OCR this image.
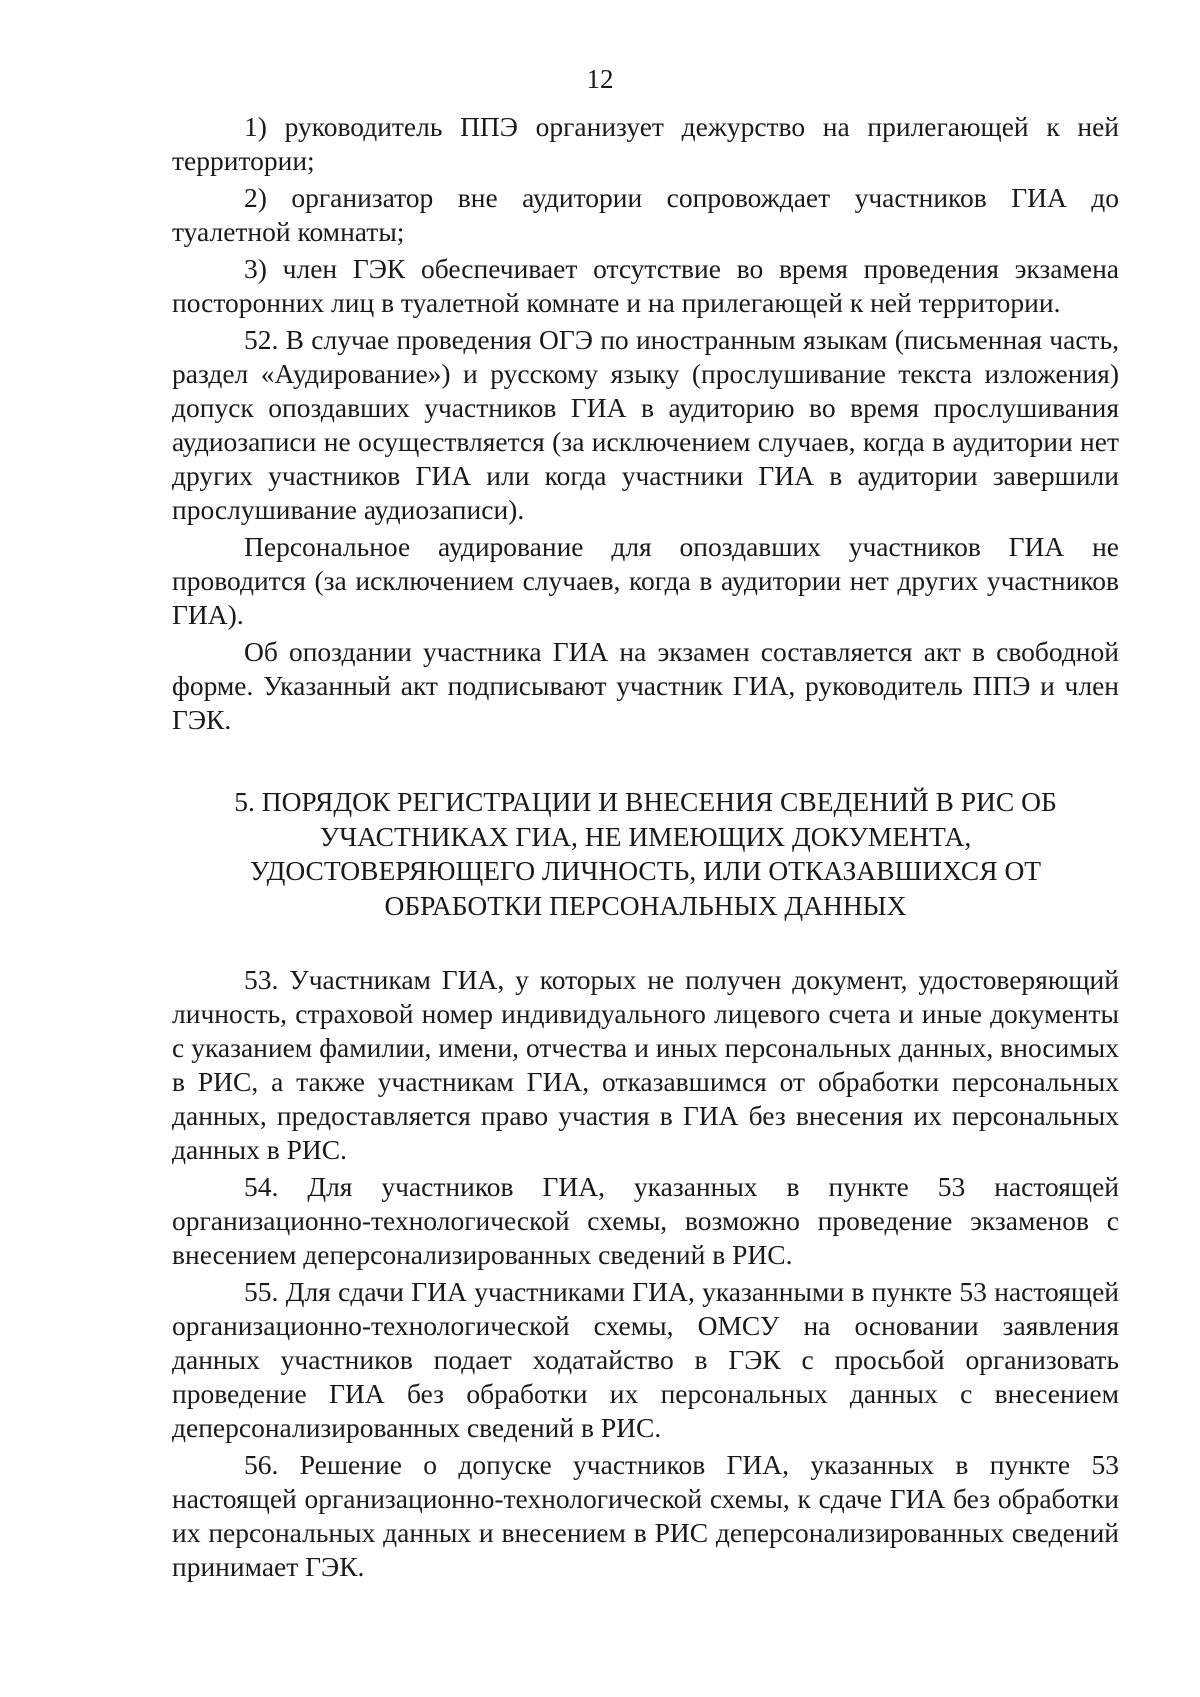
12

1) руководитель ППЭ организует дежурство на прилегающей к ней территории;

2) организатор вне аудитории сопровождает участников ГИА до туалетной комнаты;

3) член ГЭК обеспечивает отсутствие во время проведения экзамена посторонних лиц в туалетной комнате и на прилегающей к ней территории.

52. В случае проведения ОГЭ по иностранным языкам (письменная часть, раздел «Аудирование») и русскому языку (прослушивание текста изложения) допуск опоздавших участников ГИА в аудиторию во время прослушивания аудиозаписи не осуществляется (за исключением случаев, когда в аудитории нет других участников ГИА или когда участники ГИА в аудитории завершили прослушивание аудиозаписи).

Персональное аудирование для опоздавших участников ГИА не проводится (за исключением случаев, когда в аудитории нет других участников ГИА).

Об опоздании участника ГИА на экзамен составляется акт в свободной форме. Указанный акт подписывают участник ГИА, руководитель ППЭ и член ГЭК.

5. ПОРЯДОК РЕГИСТРАЦИИ И ВНЕСЕНИЯ СВЕДЕНИЙ В РИС ОБ
УЧАСТНИКАХ ГИА, НЕ ИМЕЮЩИХ ДОКУМЕНТА,
УДОСТОВЕРЯЮЩЕГО ЛИЧНОСТЬ, ИЛИ ОТКАЗАВШИХСЯ ОТ
ОБРАБОТКИ ПЕРСОНАЛЬНЫХ ДАННЫХ

53. Участникам ГИА, у которых не получен документ, удостоверяющий личность, страховой номер индивидуального лицевого счета и иные документы с указанием фамилии, имени, отчества и иных персональных данных, вносимых в РИС, а также участникам ГИА, отказавшимся от обработки персональных данных, предоставляется право участия в ГИА без внесения их персональных данных в РИС.

54. Для участников ГИА, указанных в пункте 53 настоящей организационно-технологической схемы, возможно проведение экзаменов с внесением деперсонализированных сведений в РИС.

55. Для сдачи ГИА участниками ГИА, указанными в пункте 53 настоящей организационно-технологической схемы, ОМСУ на основании заявления данных участников подает ходатайство в ГЭК с просьбой организовать проведение ГИА без обработки их персональных данных с внесением деперсонализированных сведений в РИС.

56. Решение о допуске участников ГИА, указанных в пункте 53 настоящей организационно-технологической схемы, к сдаче ГИА без обработки их персональных данных и внесением в РИС деперсонализированных сведений принимает ГЭК.
